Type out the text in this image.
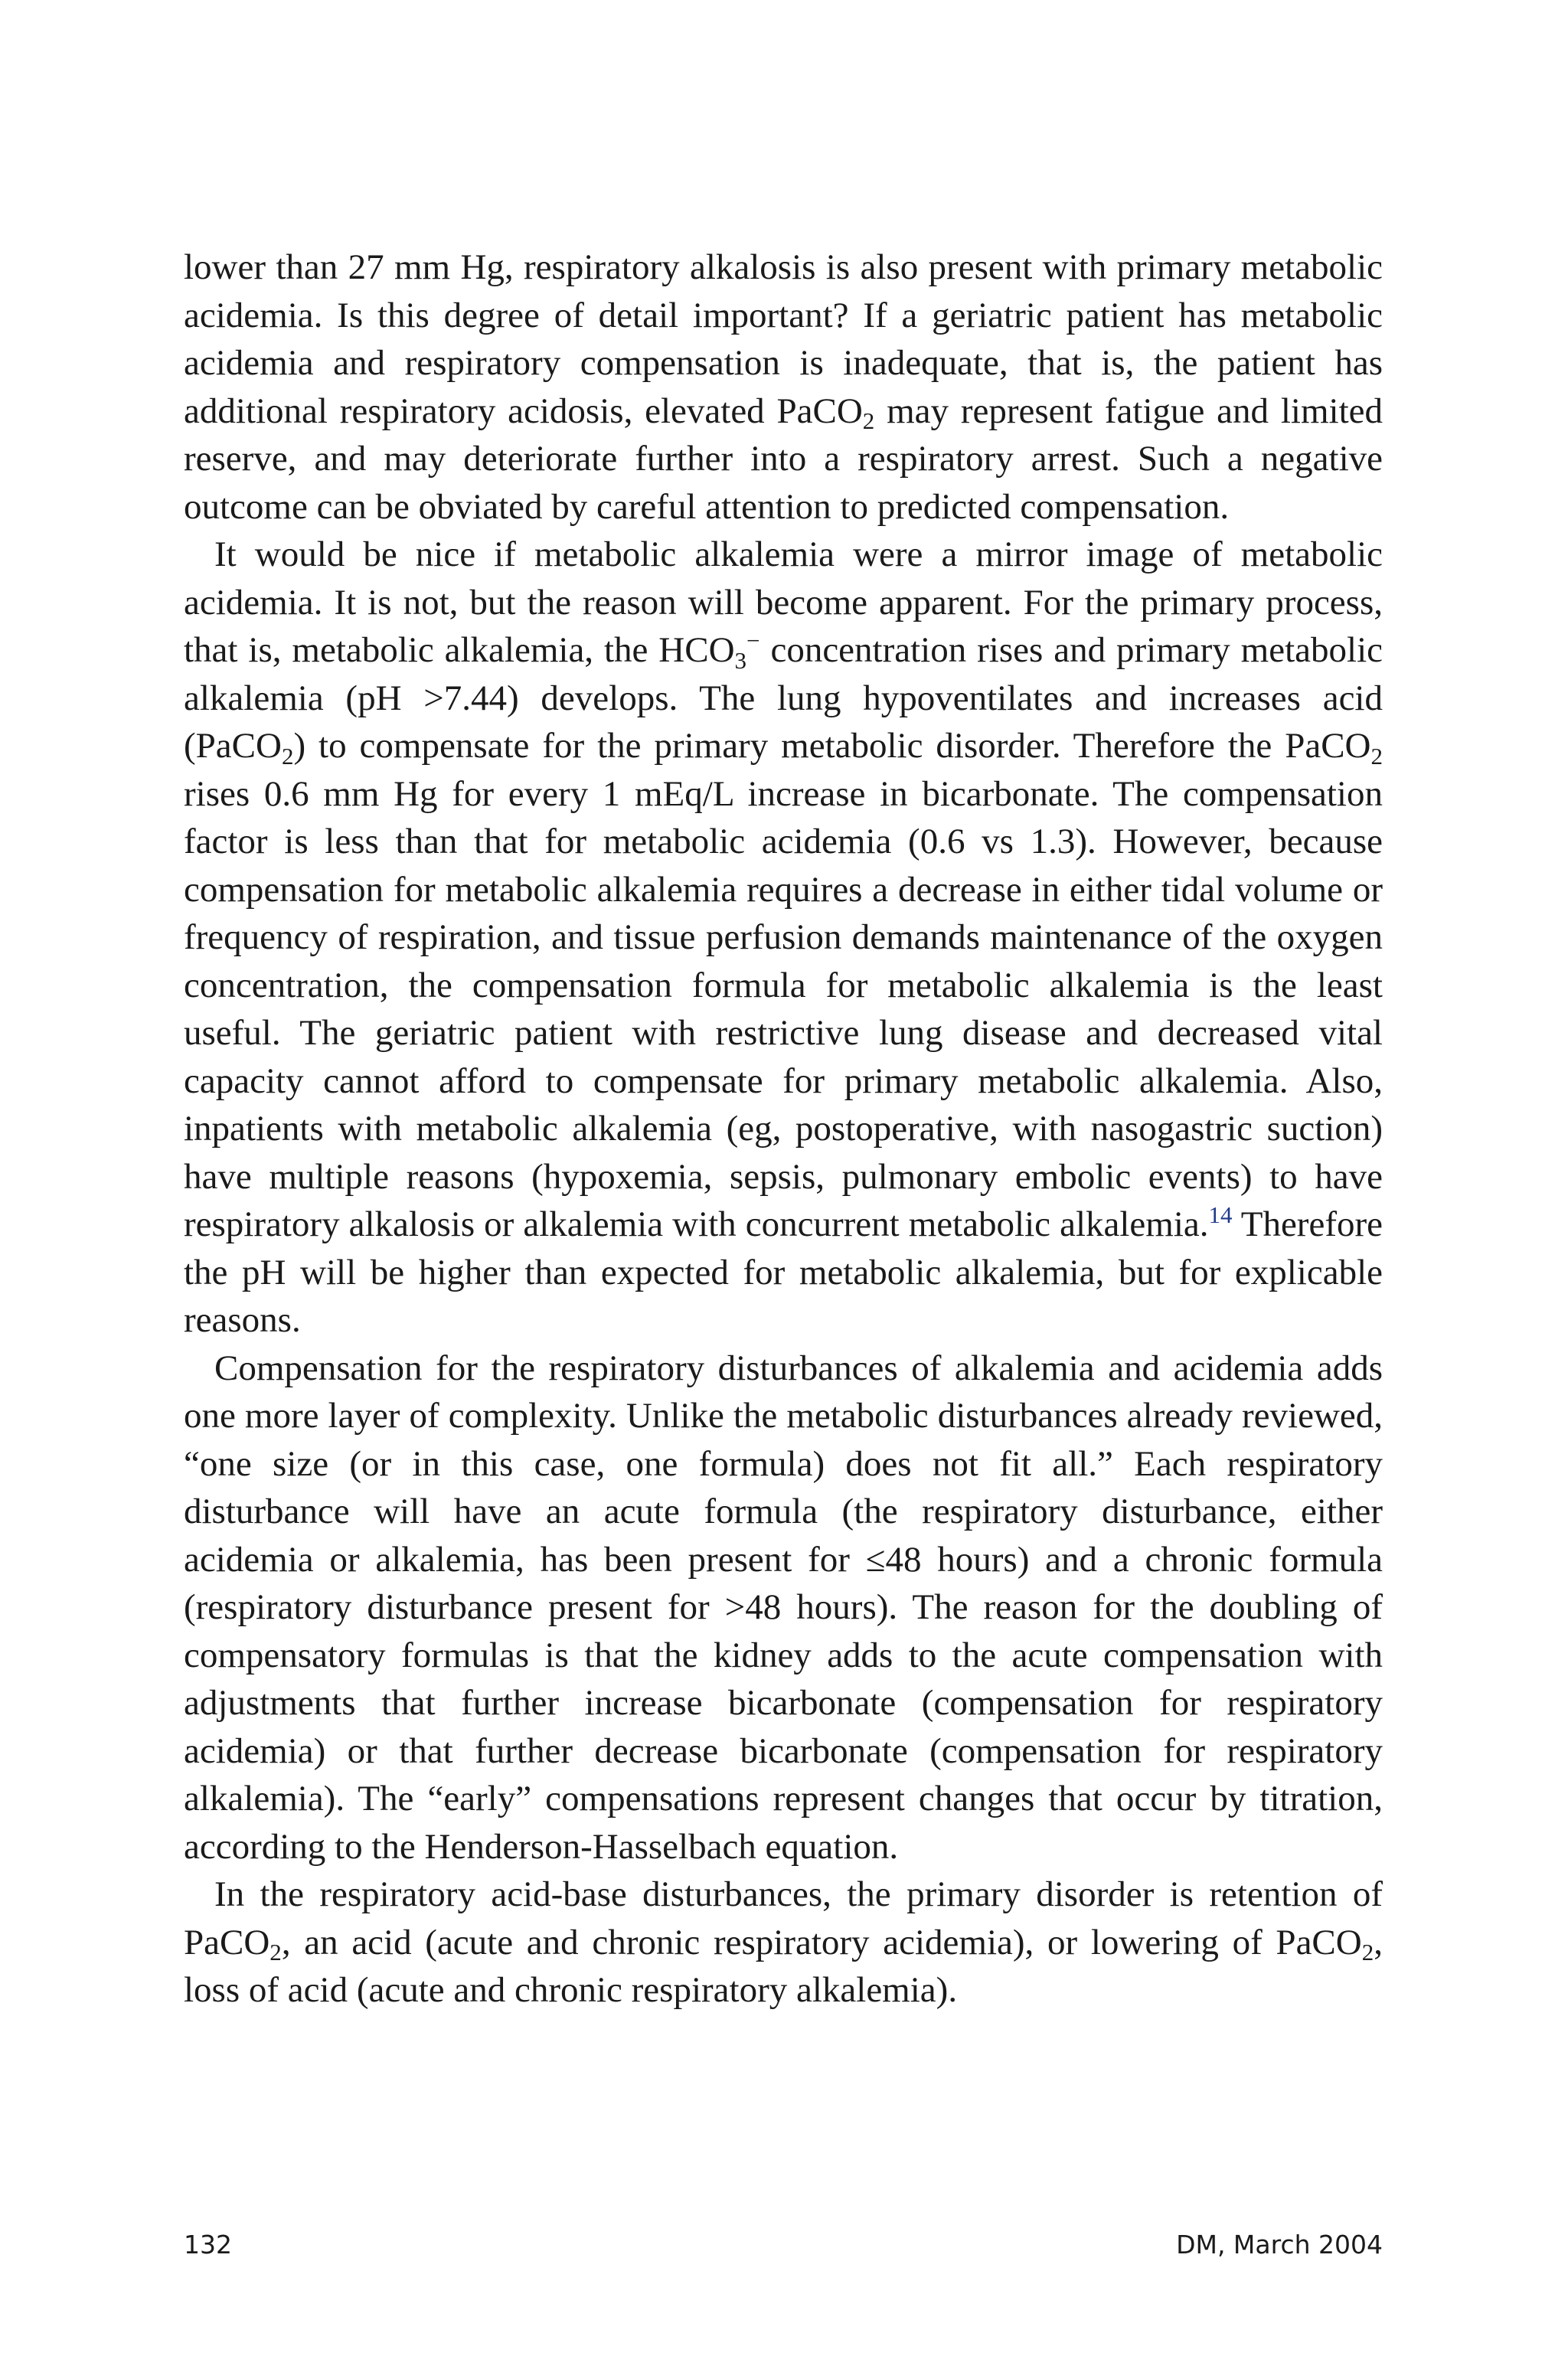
lower than 27 mm Hg, respiratory alkalosis is also present with primary metabolic acidemia. Is this degree of detail important? If a geriatric patient has metabolic acidemia and respiratory compensation is inadequate, that is, the patient has additional respiratory acidosis, elevated PaCO$_2$ may represent fatigue and limited reserve, and may deteriorate further into a respiratory arrest. Such a negative outcome can be obviated by careful attention to predicted compensation.

It would be nice if metabolic alkalemia were a mirror image of metabolic acidemia. It is not, but the reason will become apparent. For the primary process, that is, metabolic alkalemia, the $HCO_3^-$ concentration rises and primary metabolic alkalemia (pH >7.44) develops. The lung hypoventilates and increases acid (PaCO$_2$) to compensate for the primary metabolic disorder. Therefore the PaCO$_2$ rises 0.6 mm Hg for every 1 mEq/L increase in bicarbonate. The compensation factor is less than that for metabolic acidemia (0.6 vs 1.3). However, because compensation for metabolic alkalemia requires a decrease in either tidal volume or frequency of respiration, and tissue perfusion demands maintenance of the oxygen concentration, the compensation formula for metabolic alkalemia is the least useful. The geriatric patient with restrictive lung disease and decreased vital capacity cannot afford to compensate for primary metabolic alkalemia. Also, inpatients with metabolic alkalemia (eg, postoperative, with nasogastric suction) have multiple reasons (hypoxemia, sepsis, pulmonary embolic events) to have respiratory alkalosis or alkalemia with concurrent metabolic alkalemia.$^{14}$ Therefore the pH will be higher than expected for metabolic alkalemia, but for explicable reasons.

Compensation for the respiratory disturbances of alkalemia and acidemia adds one more layer of complexity. Unlike the metabolic disturbances already reviewed, “one size (or in this case, one formula) does not fit all.” Each respiratory disturbance will have an acute formula (the respiratory disturbance, either acidemia or alkalemia, has been present for ≤48 hours) and a chronic formula (respiratory disturbance present for >48 hours). The reason for the doubling of compensatory formulas is that the kidney adds to the acute compensation with adjustments that further increase bicarbonate (compensation for respiratory acidemia) or that further decrease bicarbonate (compensation for respiratory alkalemia). The “early” compensations represent changes that occur by titration, according to the Henderson-Hasselbach equation.

In the respiratory acid-base disturbances, the primary disorder is retention of PaCO$_2$, an acid (acute and chronic respiratory acidemia), or lowering of PaCO$_2$, loss of acid (acute and chronic respiratory alkalemia).

132	DM, March 2004
